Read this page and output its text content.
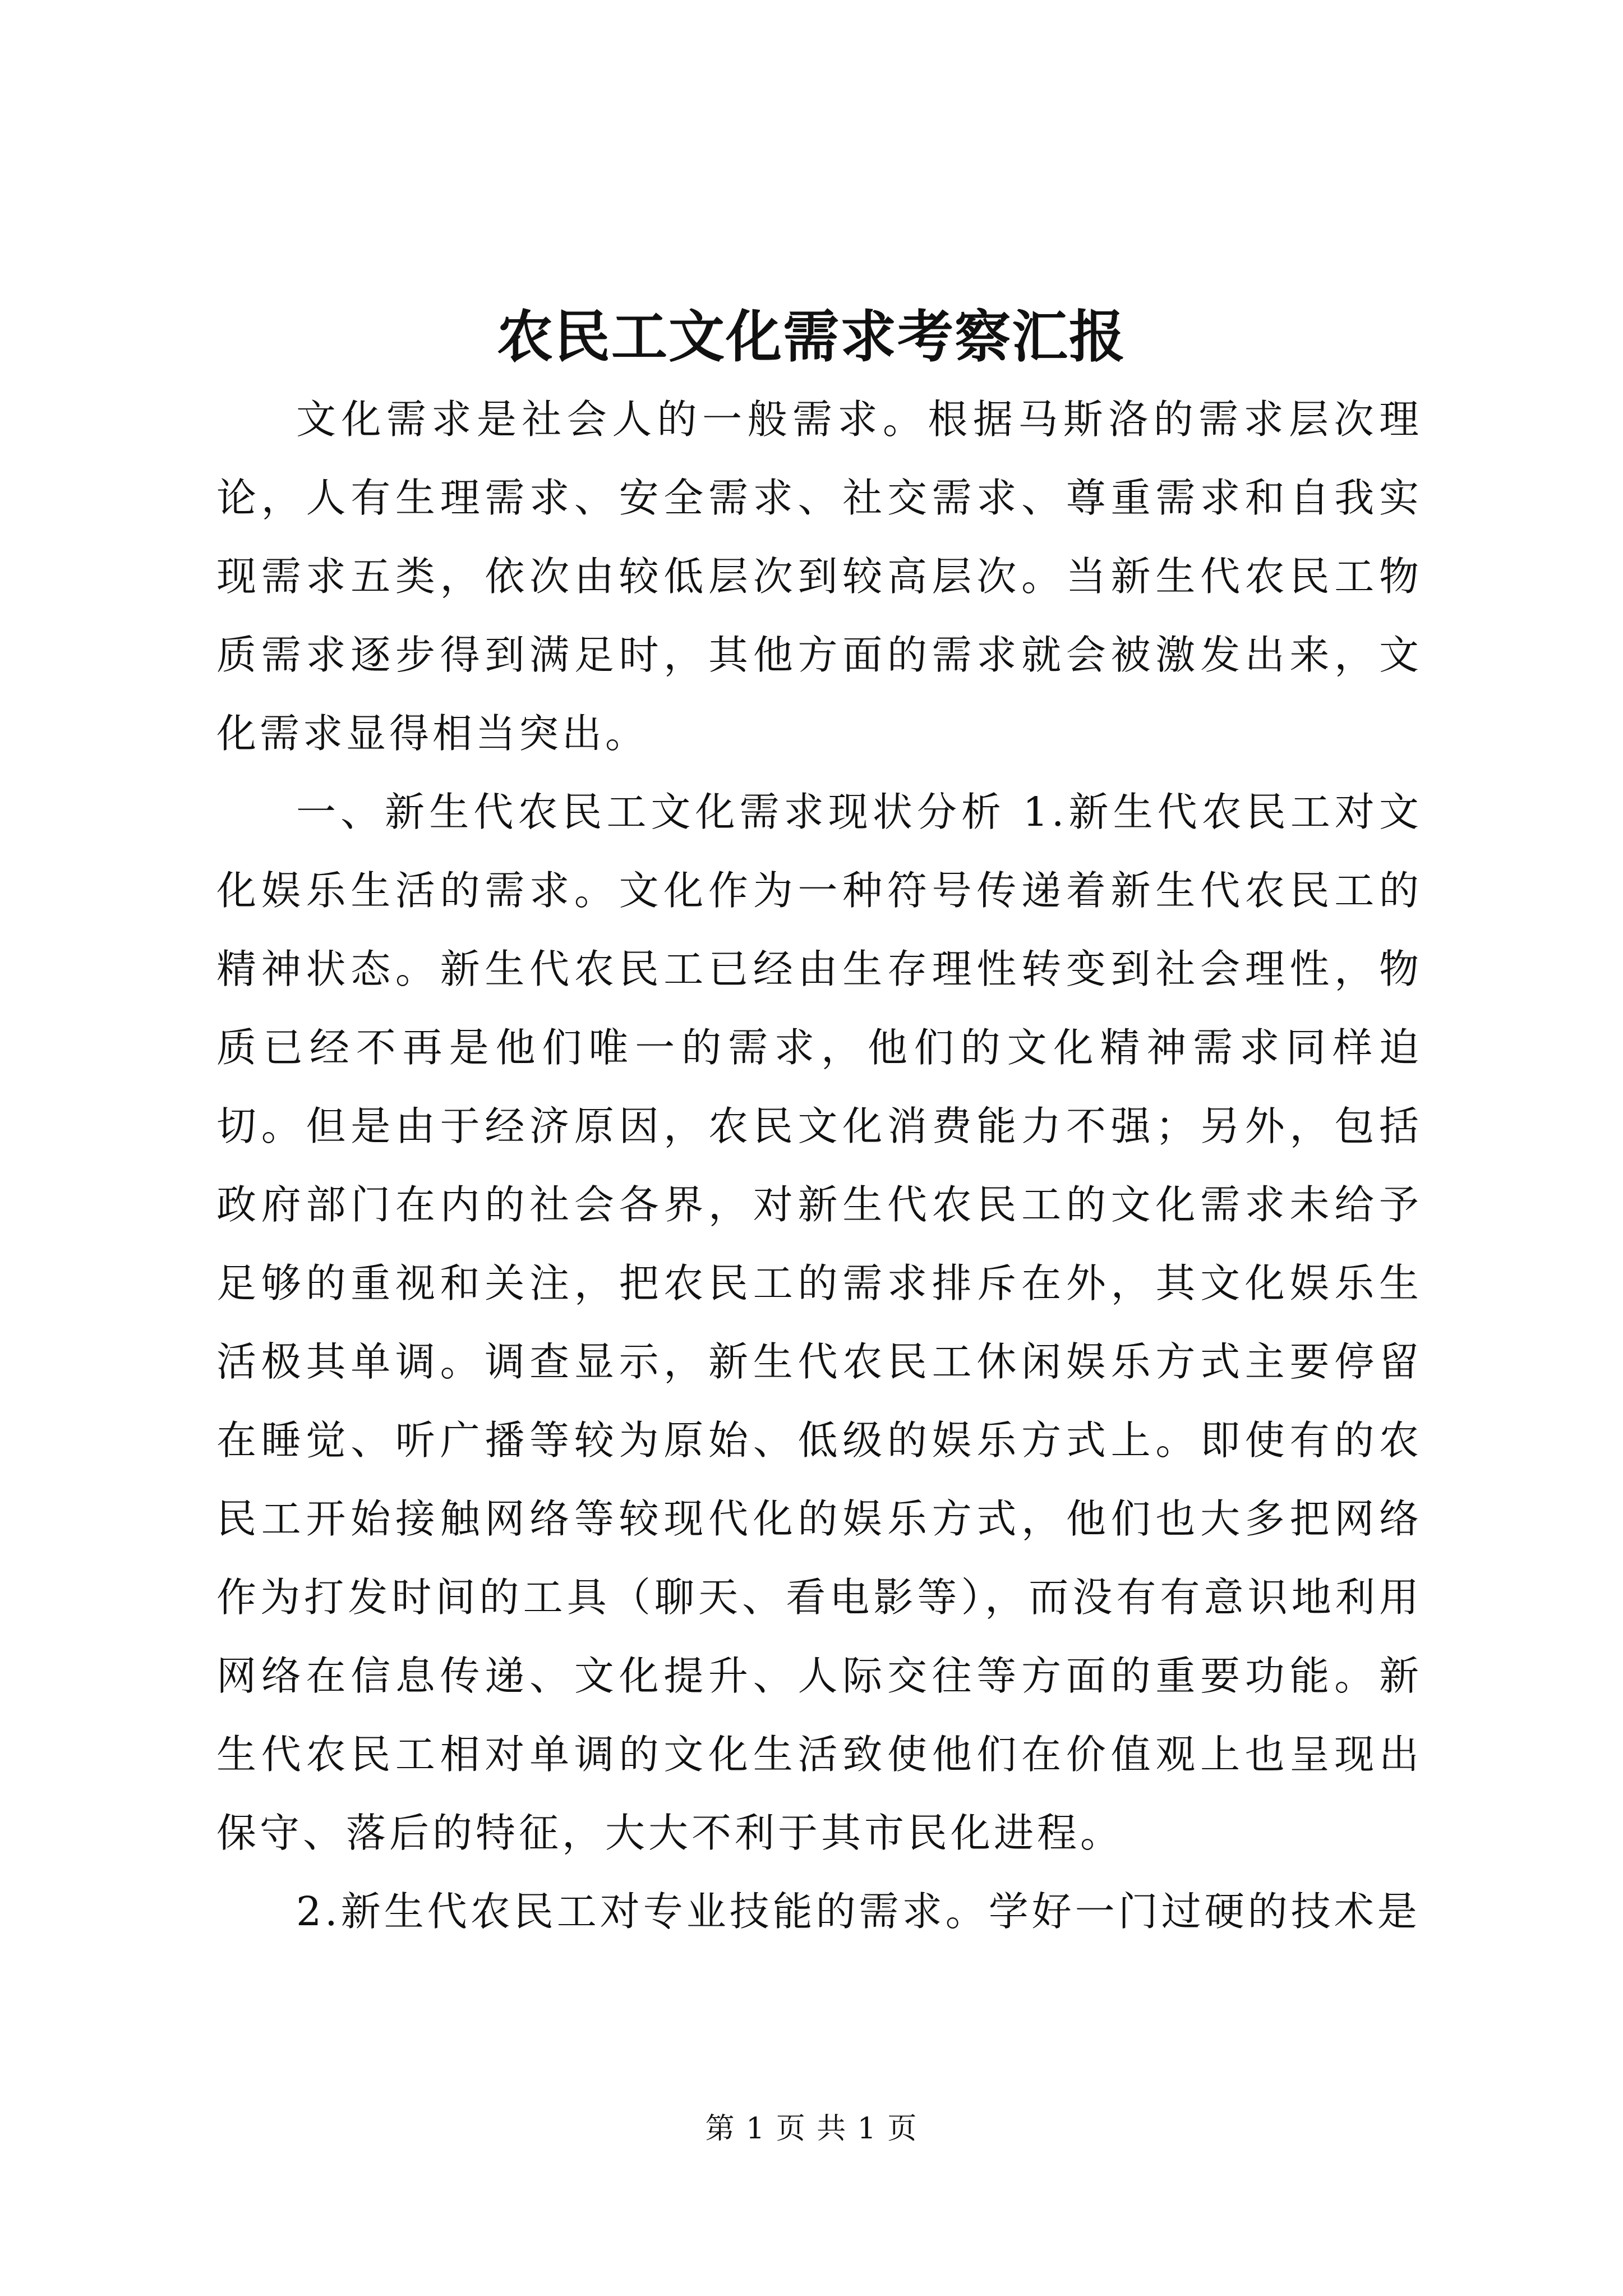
农民工文化需求考察汇报

文化需求是社会人的一般需求。根据马斯洛的需求层次理论，人有生理需求、安全需求、社交需求、尊重需求和自我实现需求五类，依次由较低层次到较高层次。当新生代农民工物质需求逐步得到满足时，其他方面的需求就会被激发出来，文化需求显得相当突出。

一、新生代农民工文化需求现状分析 1.新生代农民工对文化娱乐生活的需求。文化作为一种符号传递着新生代农民工的精神状态。新生代农民工已经由生存理性转变到社会理性，物质已经不再是他们唯一的需求，他们的文化精神需求同样迫切。但是由于经济原因，农民文化消费能力不强；另外，包括政府部门在内的社会各界，对新生代农民工的文化需求未给予足够的重视和关注，把农民工的需求排斥在外，其文化娱乐生活极其单调。调查显示，新生代农民工休闲娱乐方式主要停留在睡觉、听广播等较为原始、低级的娱乐方式上。即使有的农民工开始接触网络等较现代化的娱乐方式，他们也大多把网络作为打发时间的工具（聊天、看电影等），而没有有意识地利用网络在信息传递、文化提升、人际交往等方面的重要功能。新生代农民工相对单调的文化生活致使他们在价值观上也呈现出保守、落后的特征，大大不利于其市民化进程。

2.新生代农民工对专业技能的需求。学好一门过硬的技术是

第 1 页 共 1 页
